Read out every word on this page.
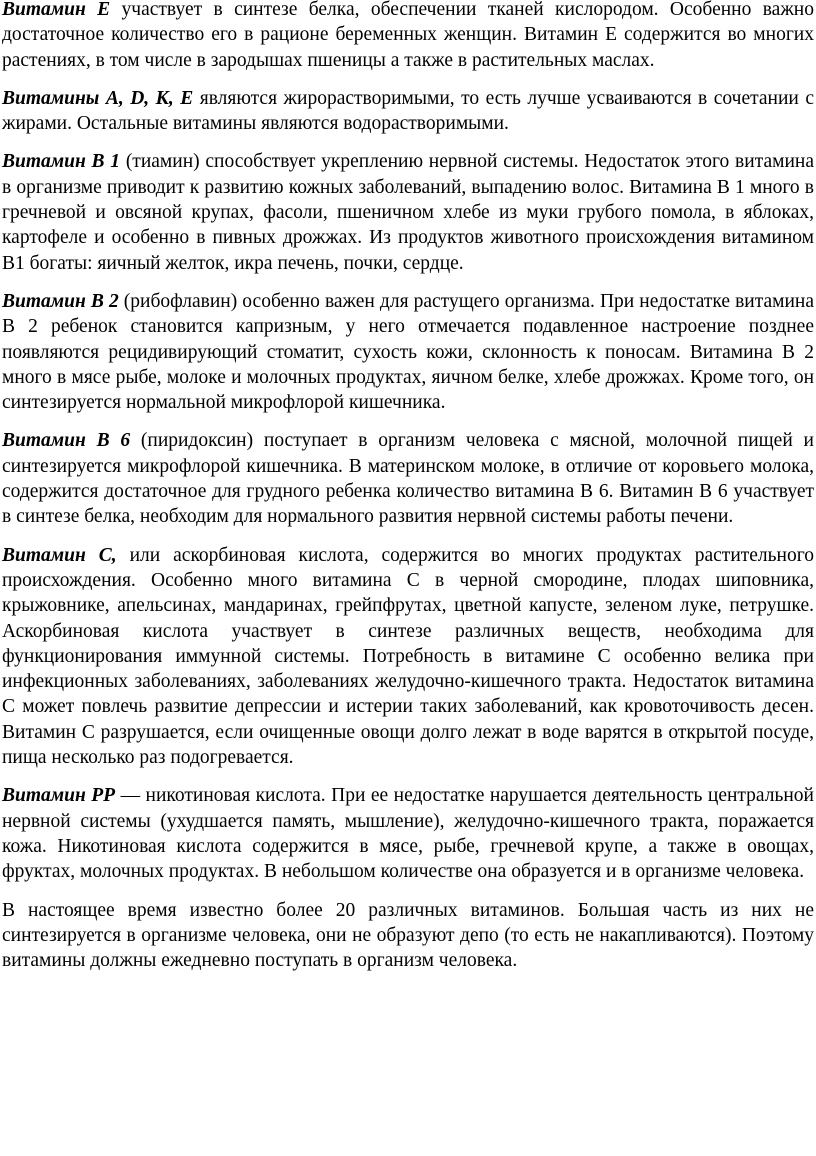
Витамин Е участвует в синтезе белка, обеспечении тканей кислородом. Особенно важно достаточное количество его в рационе беременных женщин. Витамин Е содержится во многих растениях, в том числе в зародышах пшеницы а также в растительных маслах.

Витамины A, D, К, Е являются жирорастворимыми, то есть лучше усваиваются в сочетании с жирами. Остальные витамины являются водорастворимыми.

Витамин В 1 (тиамин) способствует укреплению нервной системы. Недостаток этого витамина в организме приводит к развитию кожных заболеваний, выпадению волос. Витамина В 1 много в гречневой и овсяной крупах, фасоли, пшеничном хлебе из муки грубого помола, в яблоках, картофеле и особенно в пивных дрожжах. Из продуктов животного происхождения витамином В1 богаты: яичный желток, икра печень, почки, сердце.

Витамин В 2 (рибофлавин) особенно важен для растущего организма. При недостатке витамина В 2 ребенок становится капризным, у него отмечается подавленное настроение позднее появляются рецидивирующий стоматит, сухость кожи, склонность к поносам. Витамина В 2 много в мясе рыбе, молоке и молочных продуктах, яичном белке, хлебе дрожжах. Кроме того, он синтезируется нормальной микрофлорой кишечника.

Витамин В 6 (пиридоксин) поступает в организм человека с мясной, молочной пищей и синтезируется микрофлорой кишечника. В материнском молоке, в отличие от коровьего молока, содержится достаточное для грудного ребенка количество витамина В 6. Витамин В 6 участвует в синтезе белка, необходим для нормального развития нервной системы работы печени.

Витамин С, или аскорбиновая кислота, содержится во многих продуктах растительного происхождения. Особенно много витамина С в черной смородине, плодах шиповника, крыжовнике, апельсинах, мандаринах, грейпфрутах, цветной капусте, зеленом луке, петрушке. Аскорбиновая кислота участвует в синтезе различных веществ, необходима для функционирования иммунной системы. Потребность в витамине С особенно велика при инфекционных заболеваниях, заболеваниях желудочно-кишечного тракта. Недостаток витамина С может повлечь развитие депрессии и истерии таких заболеваний, как кровоточивость десен. Витамин С разрушается, если очищенные овощи долго лежат в воде варятся в открытой посуде, пища несколько раз подогревается.

Витамин РР — никотиновая кислота. При ее недостатке нарушается деятельность центральной нервной системы (ухудшается память, мышление), желудочно-кишечного тракта, поражается кожа. Никотиновая кислота содержится в мясе, рыбе, гречневой крупе, а также в овощах, фруктах, молочных продуктах. В небольшом количестве она образуется и в организме человека.

В настоящее время известно более 20 различных витаминов. Большая часть из них не синтезируется в организме человека, они не образуют депо (то есть не накапливаются). Поэтому витамины должны ежедневно поступать в организм человека.
